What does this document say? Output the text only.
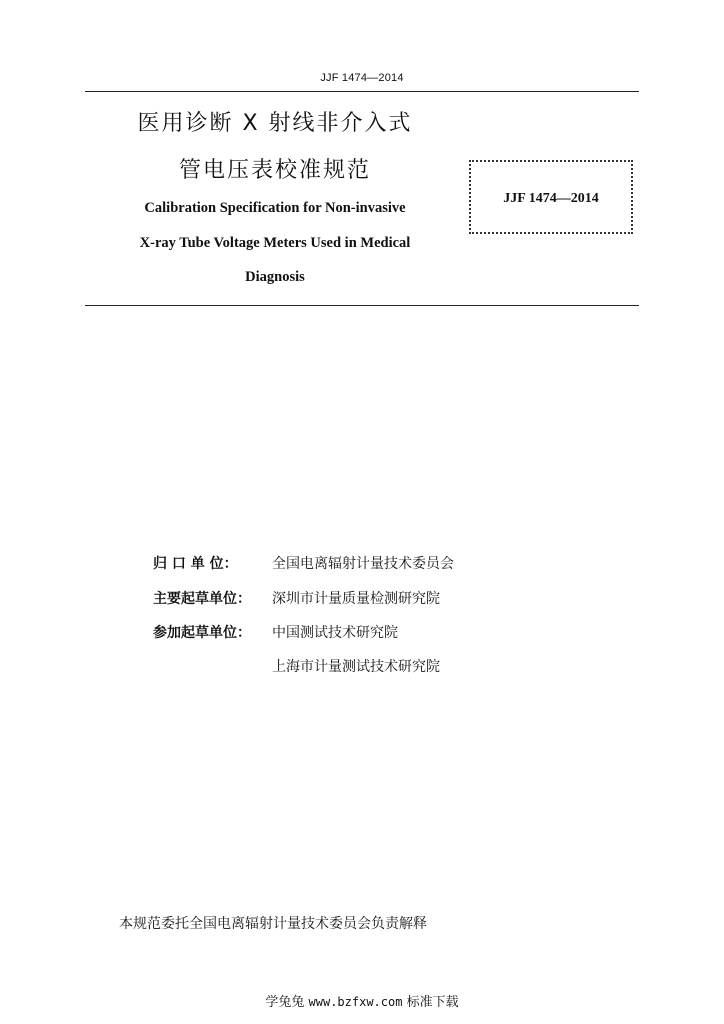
JJF 1474—2014
医用诊断 X 射线非介入式
管电压表校准规范
Calibration Specification for Non-invasive
X-ray Tube Voltage Meters Used in Medical
Diagnosis
JJF 1474—2014
归 口 单 位： 全国电离辐射计量技术委员会
主要起草单位： 深圳市计量质量检测研究院
参加起草单位： 中国测试技术研究院
上海市计量测试技术研究院
本规范委托全国电离辐射计量技术委员会负责解释
学兔兔 www.bzfxw.com 标准下载
